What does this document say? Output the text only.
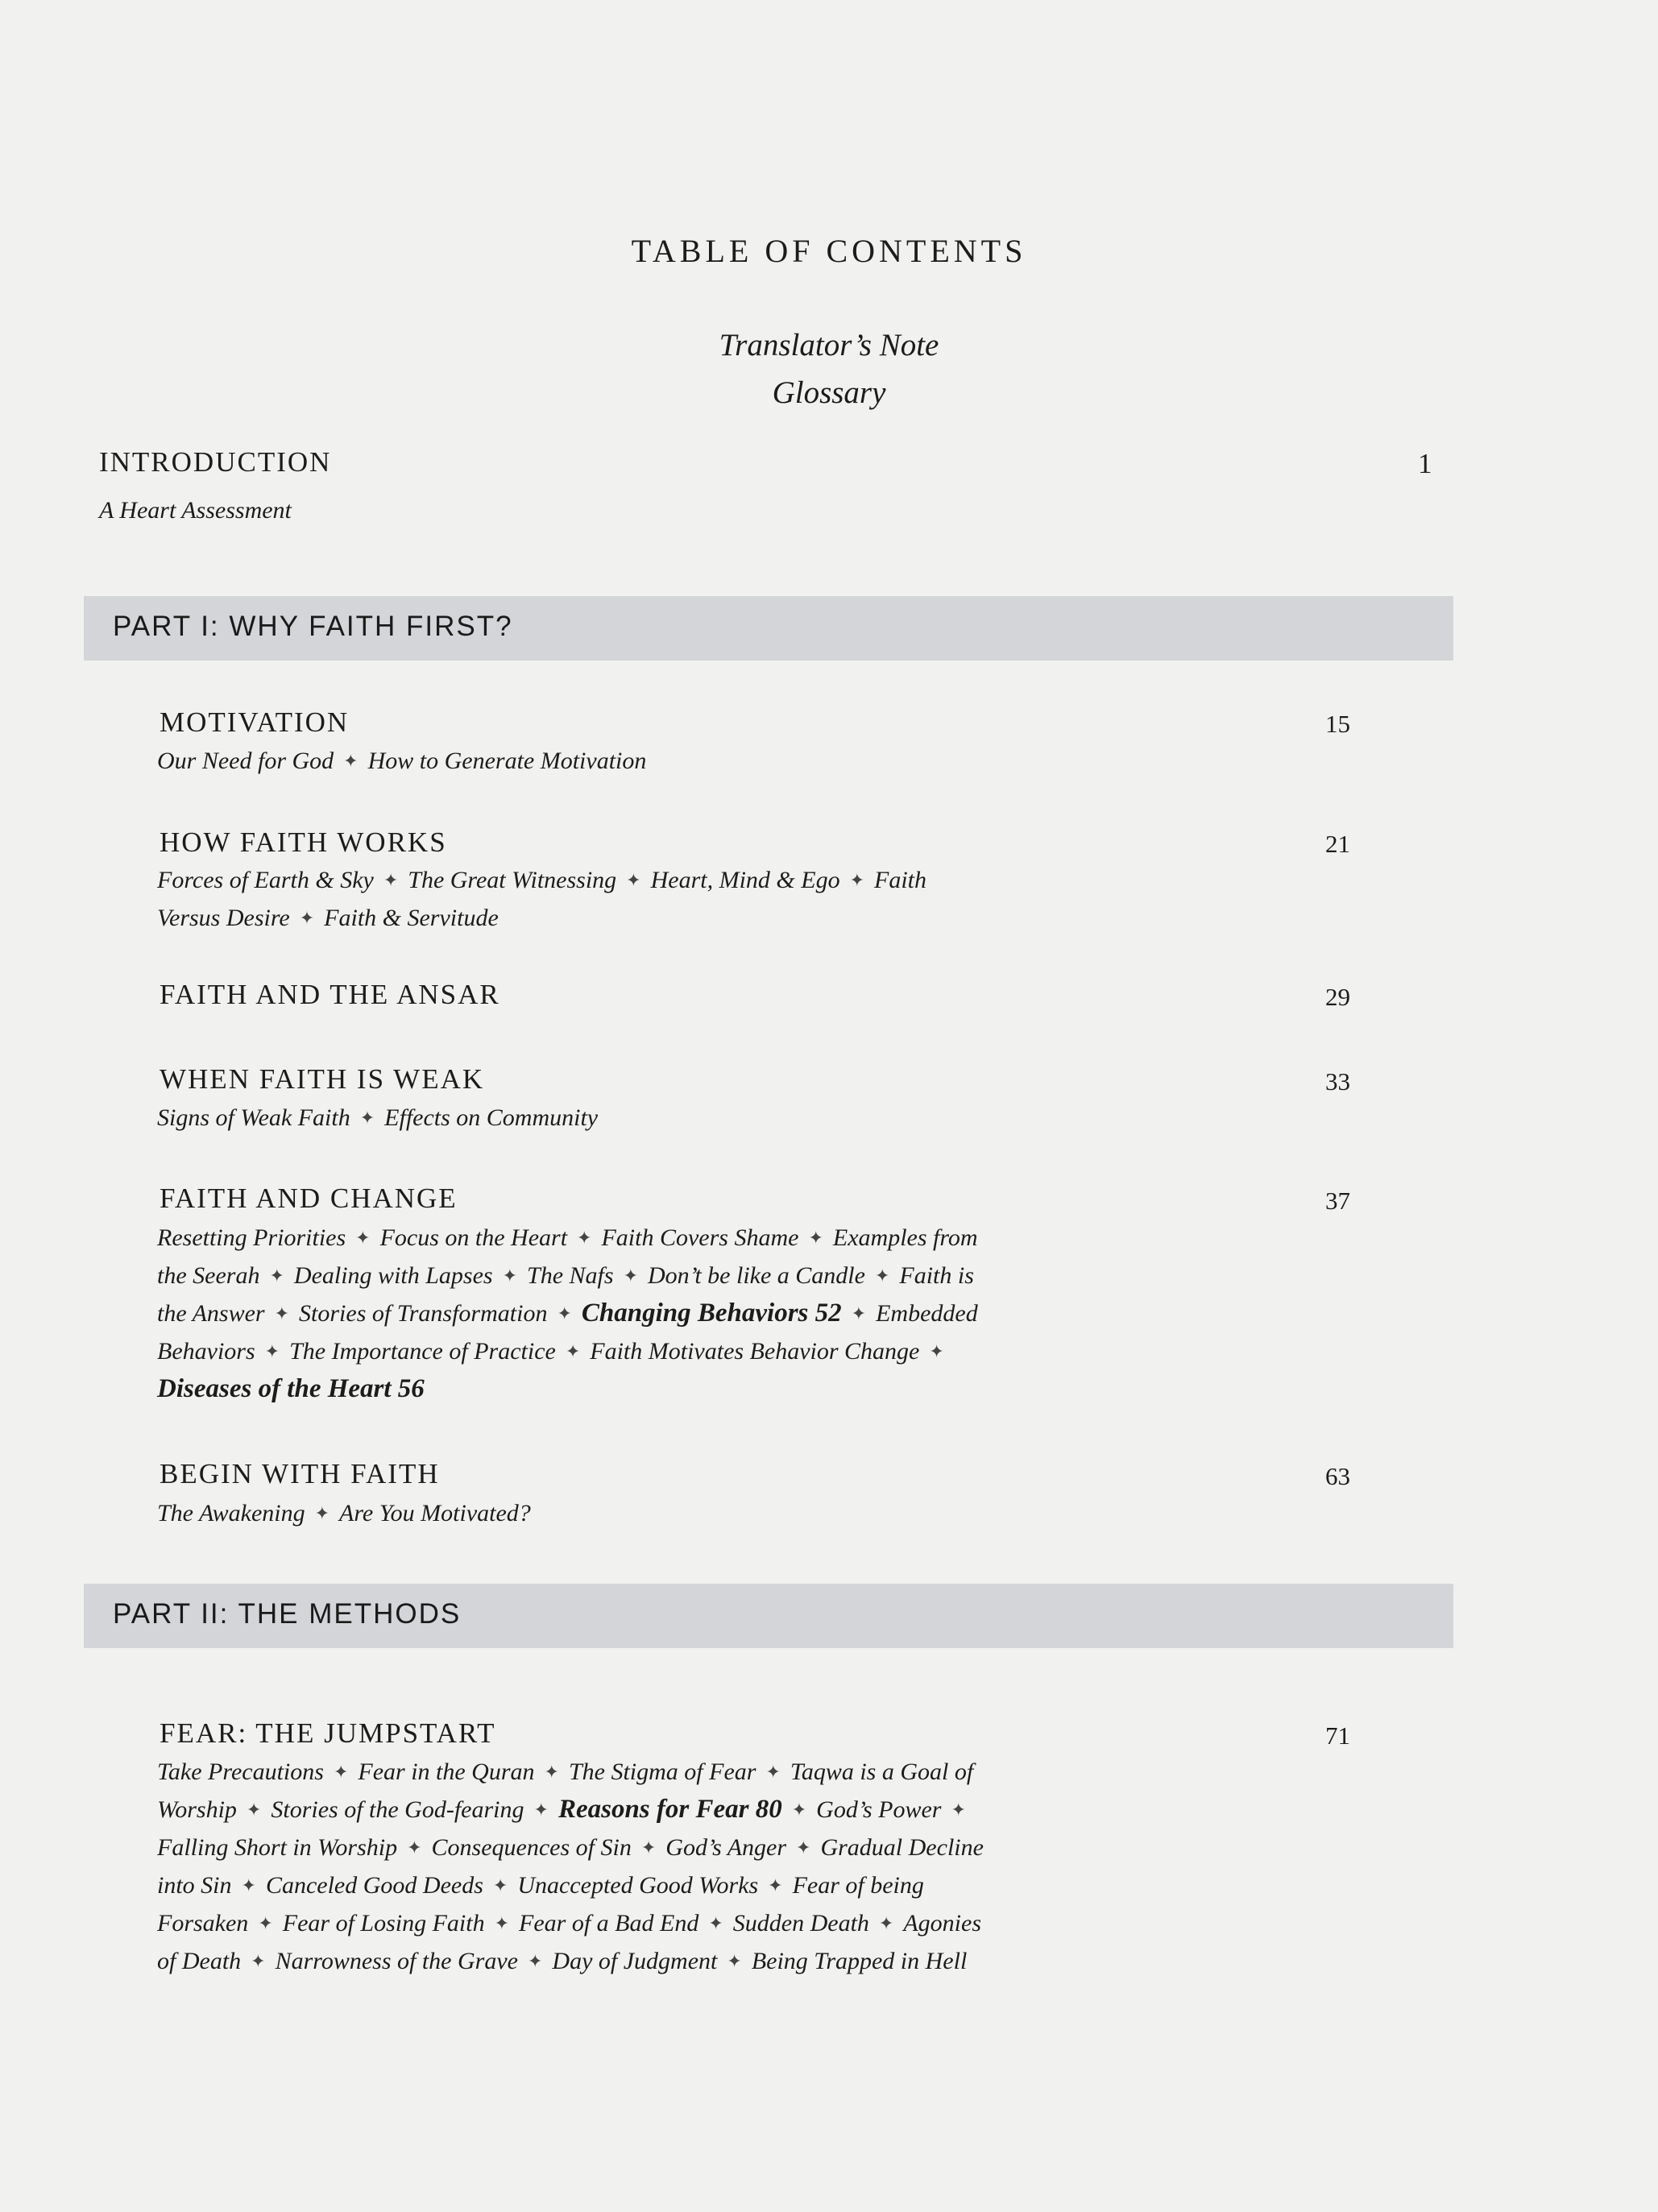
TABLE OF CONTENTS
Translator’s Note
Glossary
INTRODUCTION	1
A Heart Assessment
PART I: WHY FAITH FIRST?
MOTIVATION	15
Our Need for God ✦ How to Generate Motivation
HOW FAITH WORKS	21
Forces of Earth & Sky ✦ The Great Witnessing ✦ Heart, Mind & Ego ✦ Faith
Versus Desire ✦ Faith & Servitude
FAITH AND THE ANSAR	29
WHEN FAITH IS WEAK	33
Signs of Weak Faith ✦ Effects on Community
FAITH AND CHANGE	37
Resetting Priorities ✦ Focus on the Heart ✦ Faith Covers Shame ✦ Examples from
the Seerah ✦ Dealing with Lapses ✦ The Nafs ✦ Don’t be like a Candle ✦ Faith is
the Answer ✦ Stories of Transformation ✦ Changing Behaviors 52 ✦ Embedded
Behaviors ✦ The Importance of Practice ✦ Faith Motivates Behavior Change ✦
Diseases of the Heart 56
BEGIN WITH FAITH	63
The Awakening ✦ Are You Motivated?
PART II: THE METHODS
FEAR: THE JUMPSTART	71
Take Precautions ✦ Fear in the Quran ✦ The Stigma of Fear ✦ Taqwa is a Goal of
Worship ✦ Stories of the God-fearing ✦ Reasons for Fear 80 ✦ God’s Power ✦
Falling Short in Worship ✦ Consequences of Sin ✦ God’s Anger ✦ Gradual Decline
into Sin ✦ Canceled Good Deeds ✦ Unaccepted Good Works ✦ Fear of being
Forsaken ✦ Fear of Losing Faith ✦ Fear of a Bad End ✦ Sudden Death ✦ Agonies
of Death ✦ Narrowness of the Grave ✦ Day of Judgment ✦ Being Trapped in Hell
